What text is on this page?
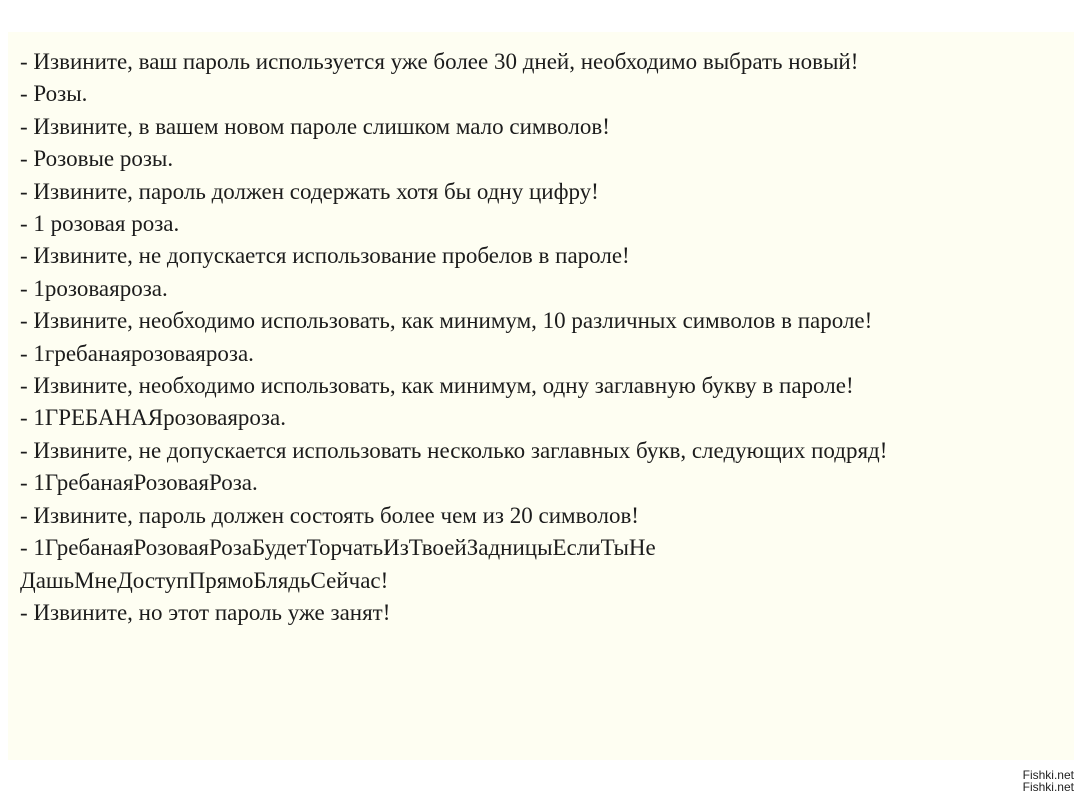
- Извините, ваш пароль используется уже более 30 дней, необходимо выбрать новый!
- Розы.
- Извините, в вашем новом пароле слишком мало символов!
- Розовые розы.
- Извините, пароль должен содержать хотя бы одну цифру!
- 1 розовая роза.
- Извините, не допускается использование пробелов в пароле!
- 1розоваяроза.
- Извините, необходимо использовать, как минимум, 10 различных символов в пароле!
- 1гребанаярозоваяроза.
- Извините, необходимо использовать, как минимум, одну заглавную букву в пароле!
- 1ГРЕБАНАЯрозоваяроза.
- Извините, не допускается использовать несколько заглавных букв, следующих подряд!
- 1ГребанаяРозоваяРоза.
- Извините, пароль должен состоять более чем из 20 символов!
- 1ГребанаяРозоваяРозаБудетТорчатьИзТвоейЗадницыЕслиТыНе ДашьМнеДоступПрямоБлядьСейчас!
- Извините, но этот пароль уже занят!
Fishki.net
Fishki.net
